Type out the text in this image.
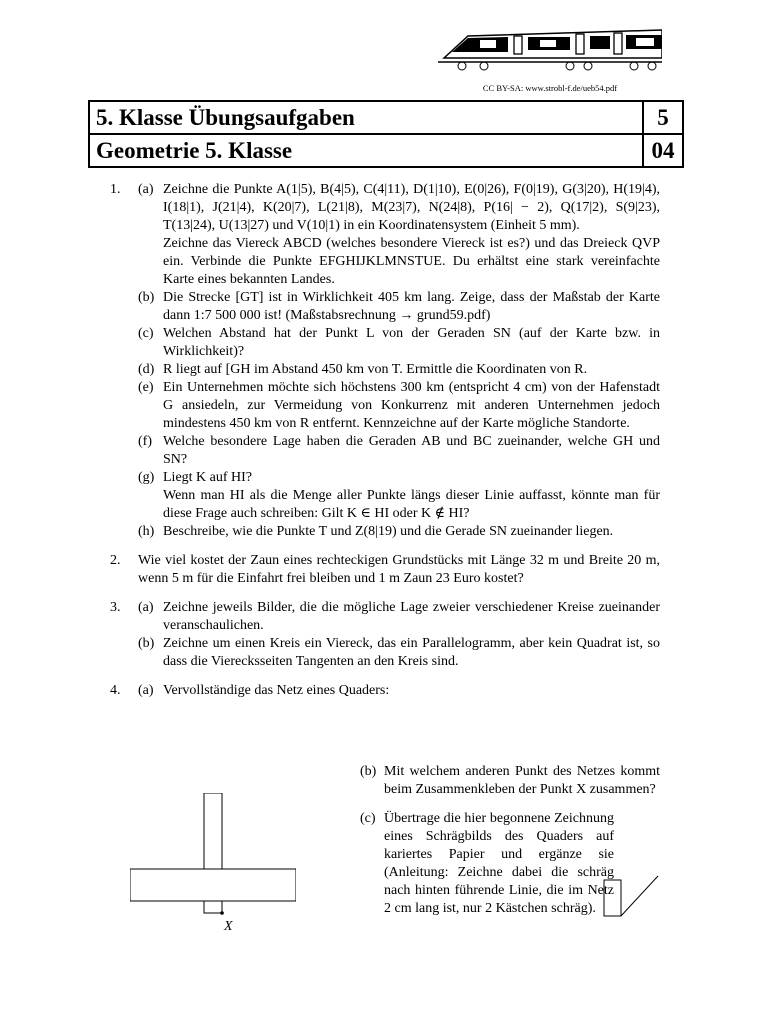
CC BY-SA: www.strobl-f.de/ueb54.pdf
5. Klasse Übungsaufgaben	5
Geometrie 5. Klasse	04
1. (a) Zeichne die Punkte A(1|5), B(4|5), C(4|11), D(1|10), E(0|26), F(0|19), G(3|20), H(19|4), I(18|1), J(21|4), K(20|7), L(21|8), M(23|7), N(24|8), P(16| − 2), Q(17|2), S(9|23), T(13|24), U(13|27) und V(10|1) in ein Koordinatensystem (Einheit 5 mm).
Zeichne das Viereck ABCD (welches besondere Viereck ist es?) und das Dreieck QVP ein. Verbinde die Punkte EFGHIJKLMNSTUE. Du erhältst eine stark vereinfachte Karte eines bekannten Landes.
(b) Die Strecke [GT] ist in Wirklichkeit 405 km lang. Zeige, dass der Maßstab der Karte dann 1:7 500 000 ist! (Maßstabsrechnung → grund59.pdf)
(c) Welchen Abstand hat der Punkt L von der Geraden SN (auf der Karte bzw. in Wirklichkeit)?
(d) R liegt auf [GH im Abstand 450 km von T. Ermittle die Koordinaten von R.
(e) Ein Unternehmen möchte sich höchstens 300 km (entspricht 4 cm) von der Hafenstadt G ansiedeln, zur Vermeidung von Konkurrenz mit anderen Unternehmen jedoch mindestens 450 km von R entfernt. Kennzeichne auf der Karte mögliche Standorte.
(f) Welche besondere Lage haben die Geraden AB und BC zueinander, welche GH und SN?
(g) Liegt K auf HI?
Wenn man HI als die Menge aller Punkte längs dieser Linie auffasst, könnte man für diese Frage auch schreiben: Gilt K ∈ HI oder K ∉ HI?
(h) Beschreibe, wie die Punkte T und Z(8|19) und die Gerade SN zueinander liegen.
2. Wie viel kostet der Zaun eines rechteckigen Grundstücks mit Länge 32 m und Breite 20 m, wenn 5 m für die Einfahrt frei bleiben und 1 m Zaun 23 Euro kostet?
3. (a) Zeichne jeweils Bilder, die die mögliche Lage zweier verschiedener Kreise zueinander veranschaulichen.
(b) Zeichne um einen Kreis ein Viereck, das ein Parallelogramm, aber kein Quadrat ist, so dass die Vierecksseiten Tangenten an den Kreis sind.
4. (a) Vervollständige das Netz eines Quaders:
X
(b) Mit welchem anderen Punkt des Netzes kommt beim Zusammenkleben der Punkt X zusammen?
(c) Übertrage die hier begonnene Zeichnung eines Schrägbilds des Quaders auf kariertes Papier und ergänze sie (Anleitung: Zeichne dabei die schräg nach hinten führende Linie, die im Netz 2 cm lang ist, nur 2 Kästchen schräg).
